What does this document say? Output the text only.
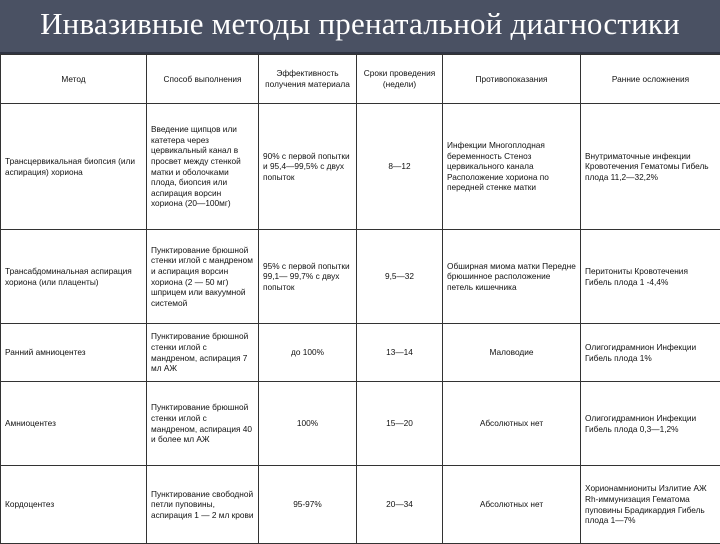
Инвазивные методы пренатальной диагностики
Метод	Способ выполнения	Эффективность получения материала	Сроки проведения (недели)	Противопоказания	Ранние осложнения
Трансцервикальная биопсия (или аспирация) хориона	Введение щипцов или катетера через цервикальный канал в просвет между стенкой матки и оболочками плода, биопсия или аспирация ворсин хориона (20—100мг)	90% с первой попытки и 95,4—99,5% с двух попыток	8—12	Инфекции Многоплодная беременность Стеноз цервикального канала Расположение хориона по передней стенке матки	Внутриматочные инфекции Кровотечения Гематомы Гибель плода 11,2—32,2%
Трансабдоминальная аспирация хориона (или плаценты)	Пунктирование брюшной стенки иглой с мандреном и аспирация ворсин хориона (2 — 50 мг) шприцем или вакуумной системой	95% с первой попытки 99,1— 99,7% с двух попыток	9,5—32	Обширная миома матки Передне брюшинное расположение петель кишечника	Перитониты Кровотечения Гибель плода 1 -4,4%
Ранний амниоцентез	Пунктирование брюшной стенки иглой с мандреном, аспирация 7 мл АЖ	до 100%	13—14	Маловодие	Олигогидрамнион Инфекции Гибель плода 1%
Амниоцентез	Пунктирование брюшной стенки иглой с мандреном, аспирация 40 и более мл АЖ	100%	15—20	Абсолютных нет	Олигогидрамнион Инфекции Гибель плода 0,3—1,2%
Кордоцентез	Пунктирование свободной петли пуповины, аспирация 1 — 2 мл крови	95-97%	20—34	Абсолютных нет	Хорионамниониты Излитие АЖ Rh-иммунизация Гематома пуповины Брадикардия Гибель плода 1—7%
